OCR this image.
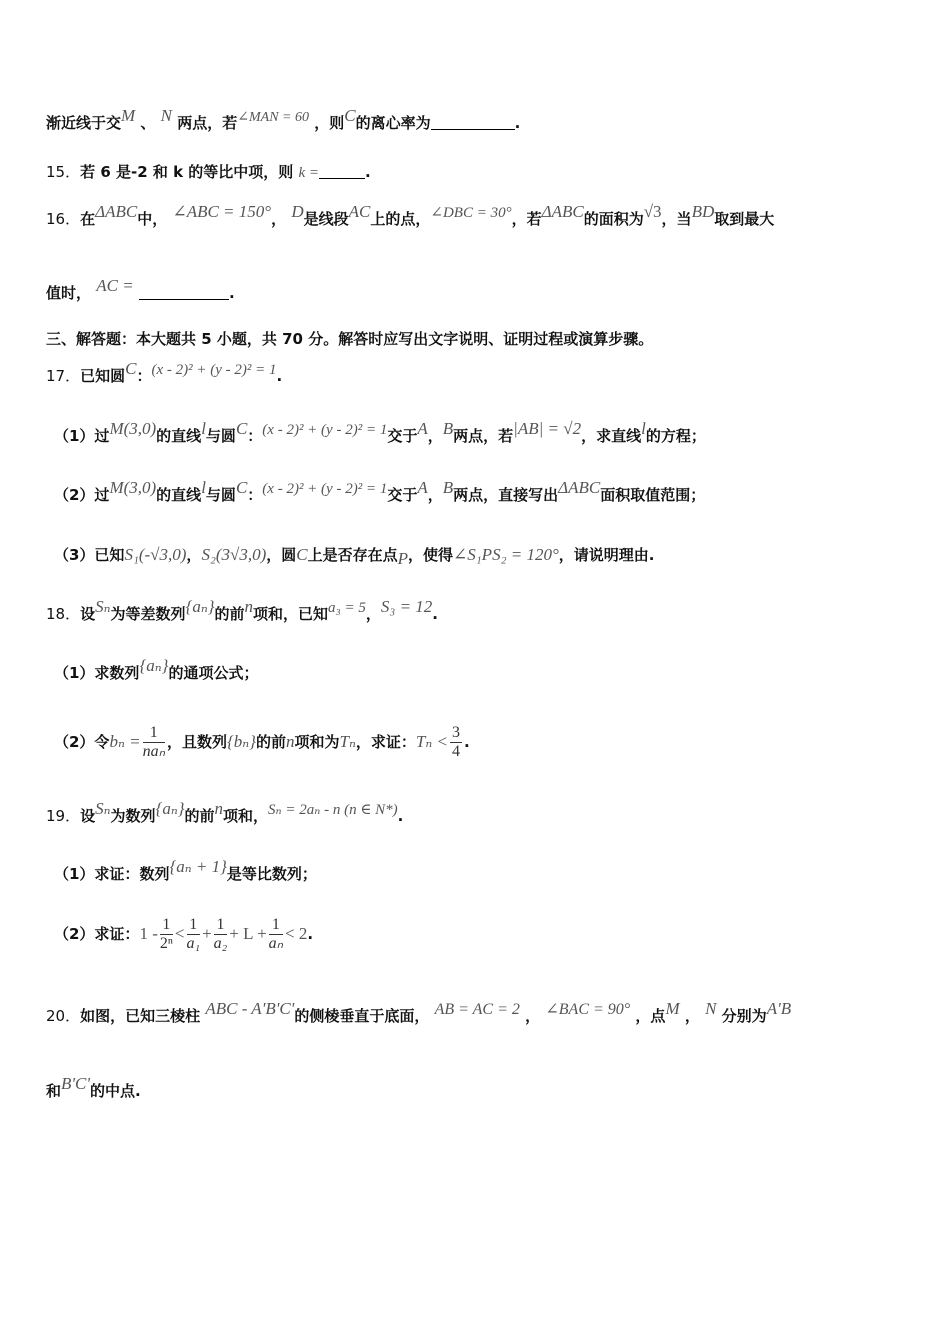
渐近线于交M 、 N 两点，若∠MAN = 60 ，则C的离心率为	.
15．若 6 是-2 和 k 的等比中项，则 k =	.
16．在ΔABC中， ∠ABC = 150°， D是线段AC上的点，∠DBC = 30°，若ΔABC的面积为√3，当BD取到最大
值时， AC =	.
三、解答题：本大题共 5 小题，共 70 分。解答时应写出文字说明、证明过程或演算步骤。
17．已知圆C：(x - 2)² + (y - 2)² = 1.
（1）过M(3,0)的直线l与圆C：(x - 2)² + (y - 2)² = 1交于A，B两点，若|AB| = √2，求直线l的方程；
（2）过M(3,0)的直线l与圆C：(x - 2)² + (y - 2)² = 1交于A，B两点，直接写出ΔABC面积取值范围；
（3）已知S₁(-√3,0)，S₂(3√3,0)，圆C上是否存在点P，使得∠S₁PS₂ = 120°，请说明理由.
18．设Sₙ为等差数列{aₙ}的前n项和，已知a₃ = 5，S₃ = 12.
（1）求数列{aₙ}的通项公式；
（2）令$b_n = \frac{1}{\text{naₙ}}$ ，且数列{bₙ}的前n项和为Tₙ，求证：$T_n < \frac{3}{4}$ .
19．设Sₙ为数列{aₙ}的前n项和，Sₙ = 2aₙ - n (n ∈ N*).
（1）求证：数列{aₙ + 1}是等比数列；
（2）求证：$1 - \frac{1}{\text{2ⁿ}} < \frac{1}{\text{a₁}} + \frac{1}{\text{a₂}} + L + \frac{1}{\text{aₙ}} < 2$.
20．如图，已知三棱柱 ABC - A'B'C'的侧棱垂直于底面， AB = AC = 2 ， ∠BAC = 90° ，点M ， N 分别为A'B
和B'C'的中点.
